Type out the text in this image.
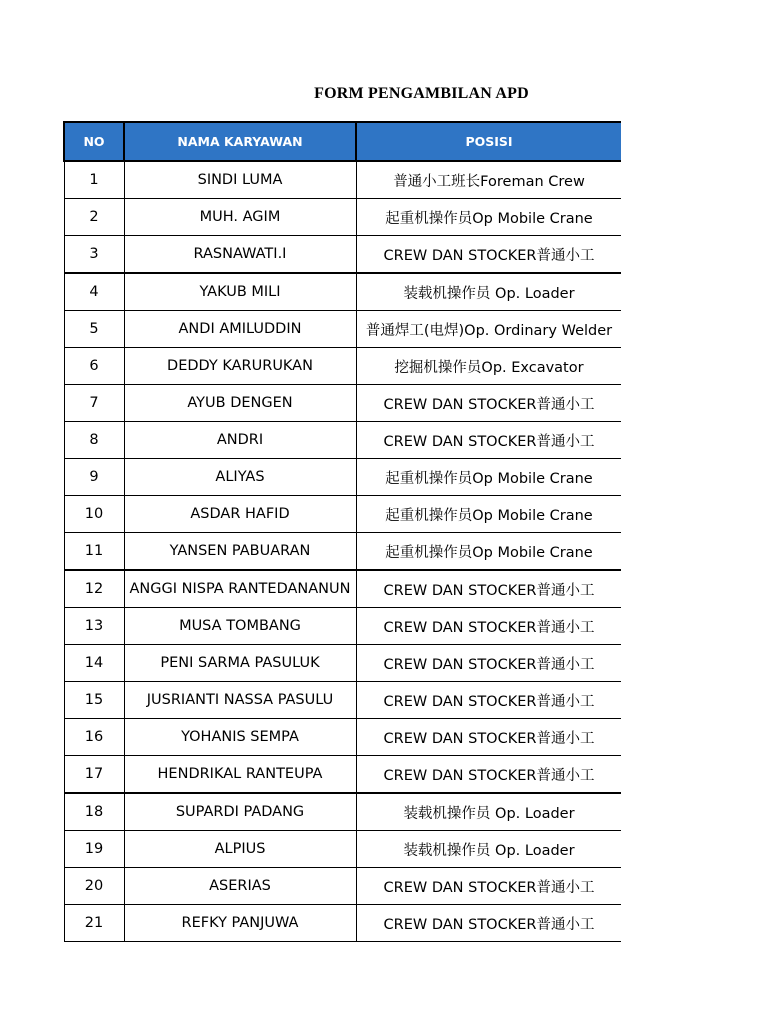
FORM PENGAMBILAN APD
NO	NAMA KARYAWAN	POSISI
1	SINDI LUMA	普通小工班长Foreman Crew
2	MUH. AGIM	起重机操作员Op Mobile Crane
3	RASNAWATI.I	CREW DAN STOCKER普通小工
4	YAKUB MILI	装载机操作员 Op. Loader
5	ANDI AMILUDDIN	普通焊工(电焊)Op. Ordinary Welder
6	DEDDY KARURUKAN	挖掘机操作员Op. Excavator
7	AYUB DENGEN	CREW DAN STOCKER普通小工
8	ANDRI	CREW DAN STOCKER普通小工
9	ALIYAS	起重机操作员Op Mobile Crane
10	ASDAR HAFID	起重机操作员Op Mobile Crane
11	YANSEN PABUARAN	起重机操作员Op Mobile Crane
12	ANGGI NISPA RANTEDANANUN	CREW DAN STOCKER普通小工
13	MUSA TOMBANG	CREW DAN STOCKER普通小工
14	PENI SARMA PASULUK	CREW DAN STOCKER普通小工
15	JUSRIANTI NASSA PASULU	CREW DAN STOCKER普通小工
16	YOHANIS SEMPA	CREW DAN STOCKER普通小工
17	HENDRIKAL RANTEUPA	CREW DAN STOCKER普通小工
18	SUPARDI PADANG	装载机操作员 Op. Loader
19	ALPIUS	装载机操作员 Op. Loader
20	ASERIAS	CREW DAN STOCKER普通小工
21	REFKY PANJUWA	CREW DAN STOCKER普通小工
